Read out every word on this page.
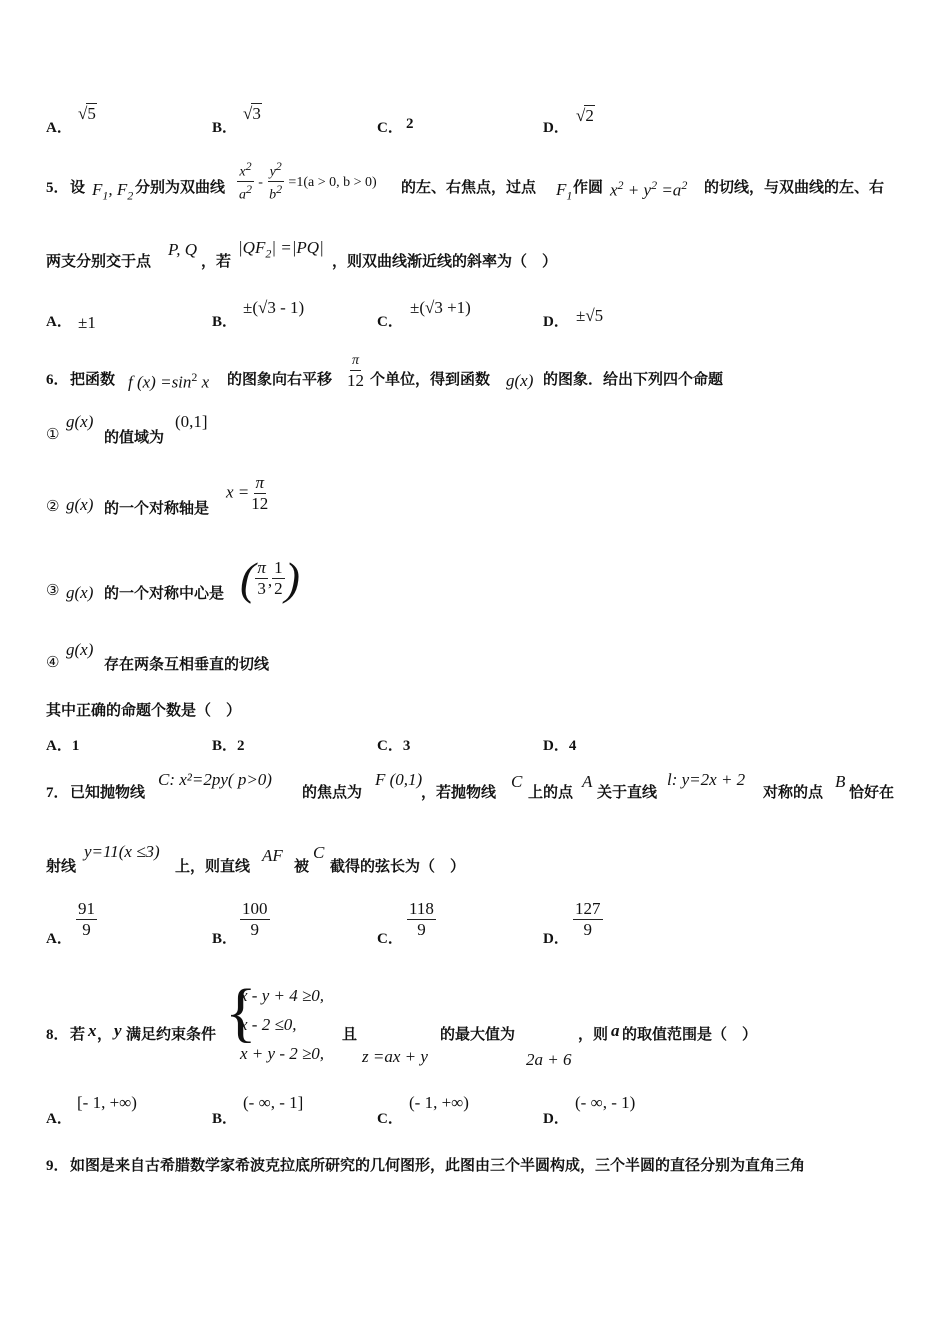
A．
√5
B．
√3
C． 2	D．
√2
5． 设 $F_1$, $F_2$ 分别为双曲线 $\frac{x^2}{a^2} - \frac{y^2}{b^2} =1(a > 0$, b > 0) 的左、右焦点，过点 $F_1$ 作圆 $x^2 + y^2 =a^2$ 的切线，与双曲线的左、右
两支分别交于点
P, Q
，若
$|QF_2| =|PQ|$
，则双曲线渐近线的斜率为（　）
A． ±1	B．
±(√3 - 1)
C．
±(√3 +1)
D． ±√5
6． 把函数 f $(x) =\sin^2$ x 的图象向右平移 $\frac{\pi}{12}$ 个单位，得到函数 g(x) 的图象．给出下列四个命题
①
g(x)
的值域为
(0,1]
② g(x) 的一个对称轴是
$x = \frac{\pi}{12}$
③ g(x) 的一个对称中心是 ( $\frac{\pi}{3}$ , $\frac{1}{2}$ )
④
g(x)
存在两条互相垂直的切线
其中正确的命题个数是（　）
A．1	B．2	C．3	D．4
7． 已知抛物线
C: x²=2py( p>0)
的焦点为
F (0,1)
，若抛物线
C
上的点
A
关于直线
l: y=2x + 2
对称的点
B
恰好在
射线
y=11(x ≤3)
上，则直线
AF
被
C
截得的弦长为（　）
A．
$\frac{91}{9}$
B．
$\frac{100}{9}$
C．
$\frac{118}{9}$
D．
$\frac{127}{9}$
8． 若 x ， y 满足约束条件 {
x - y + 4 ≥0,
x - 2 ≤0,
x + y - 2 ≥0,
且
z =ax + y
的最大值为
2a + 6
，则 a 的取值范围是（　）
A．
[- 1, +∞)
B．
(- ∞, - 1]
C．
(- 1, +∞)
D．
(- ∞, - 1)
9． 如图是来自古希腊数学家希波克拉底所研究的几何图形，此图由三个半圆构成，三个半圆的直径分别为直角三角
